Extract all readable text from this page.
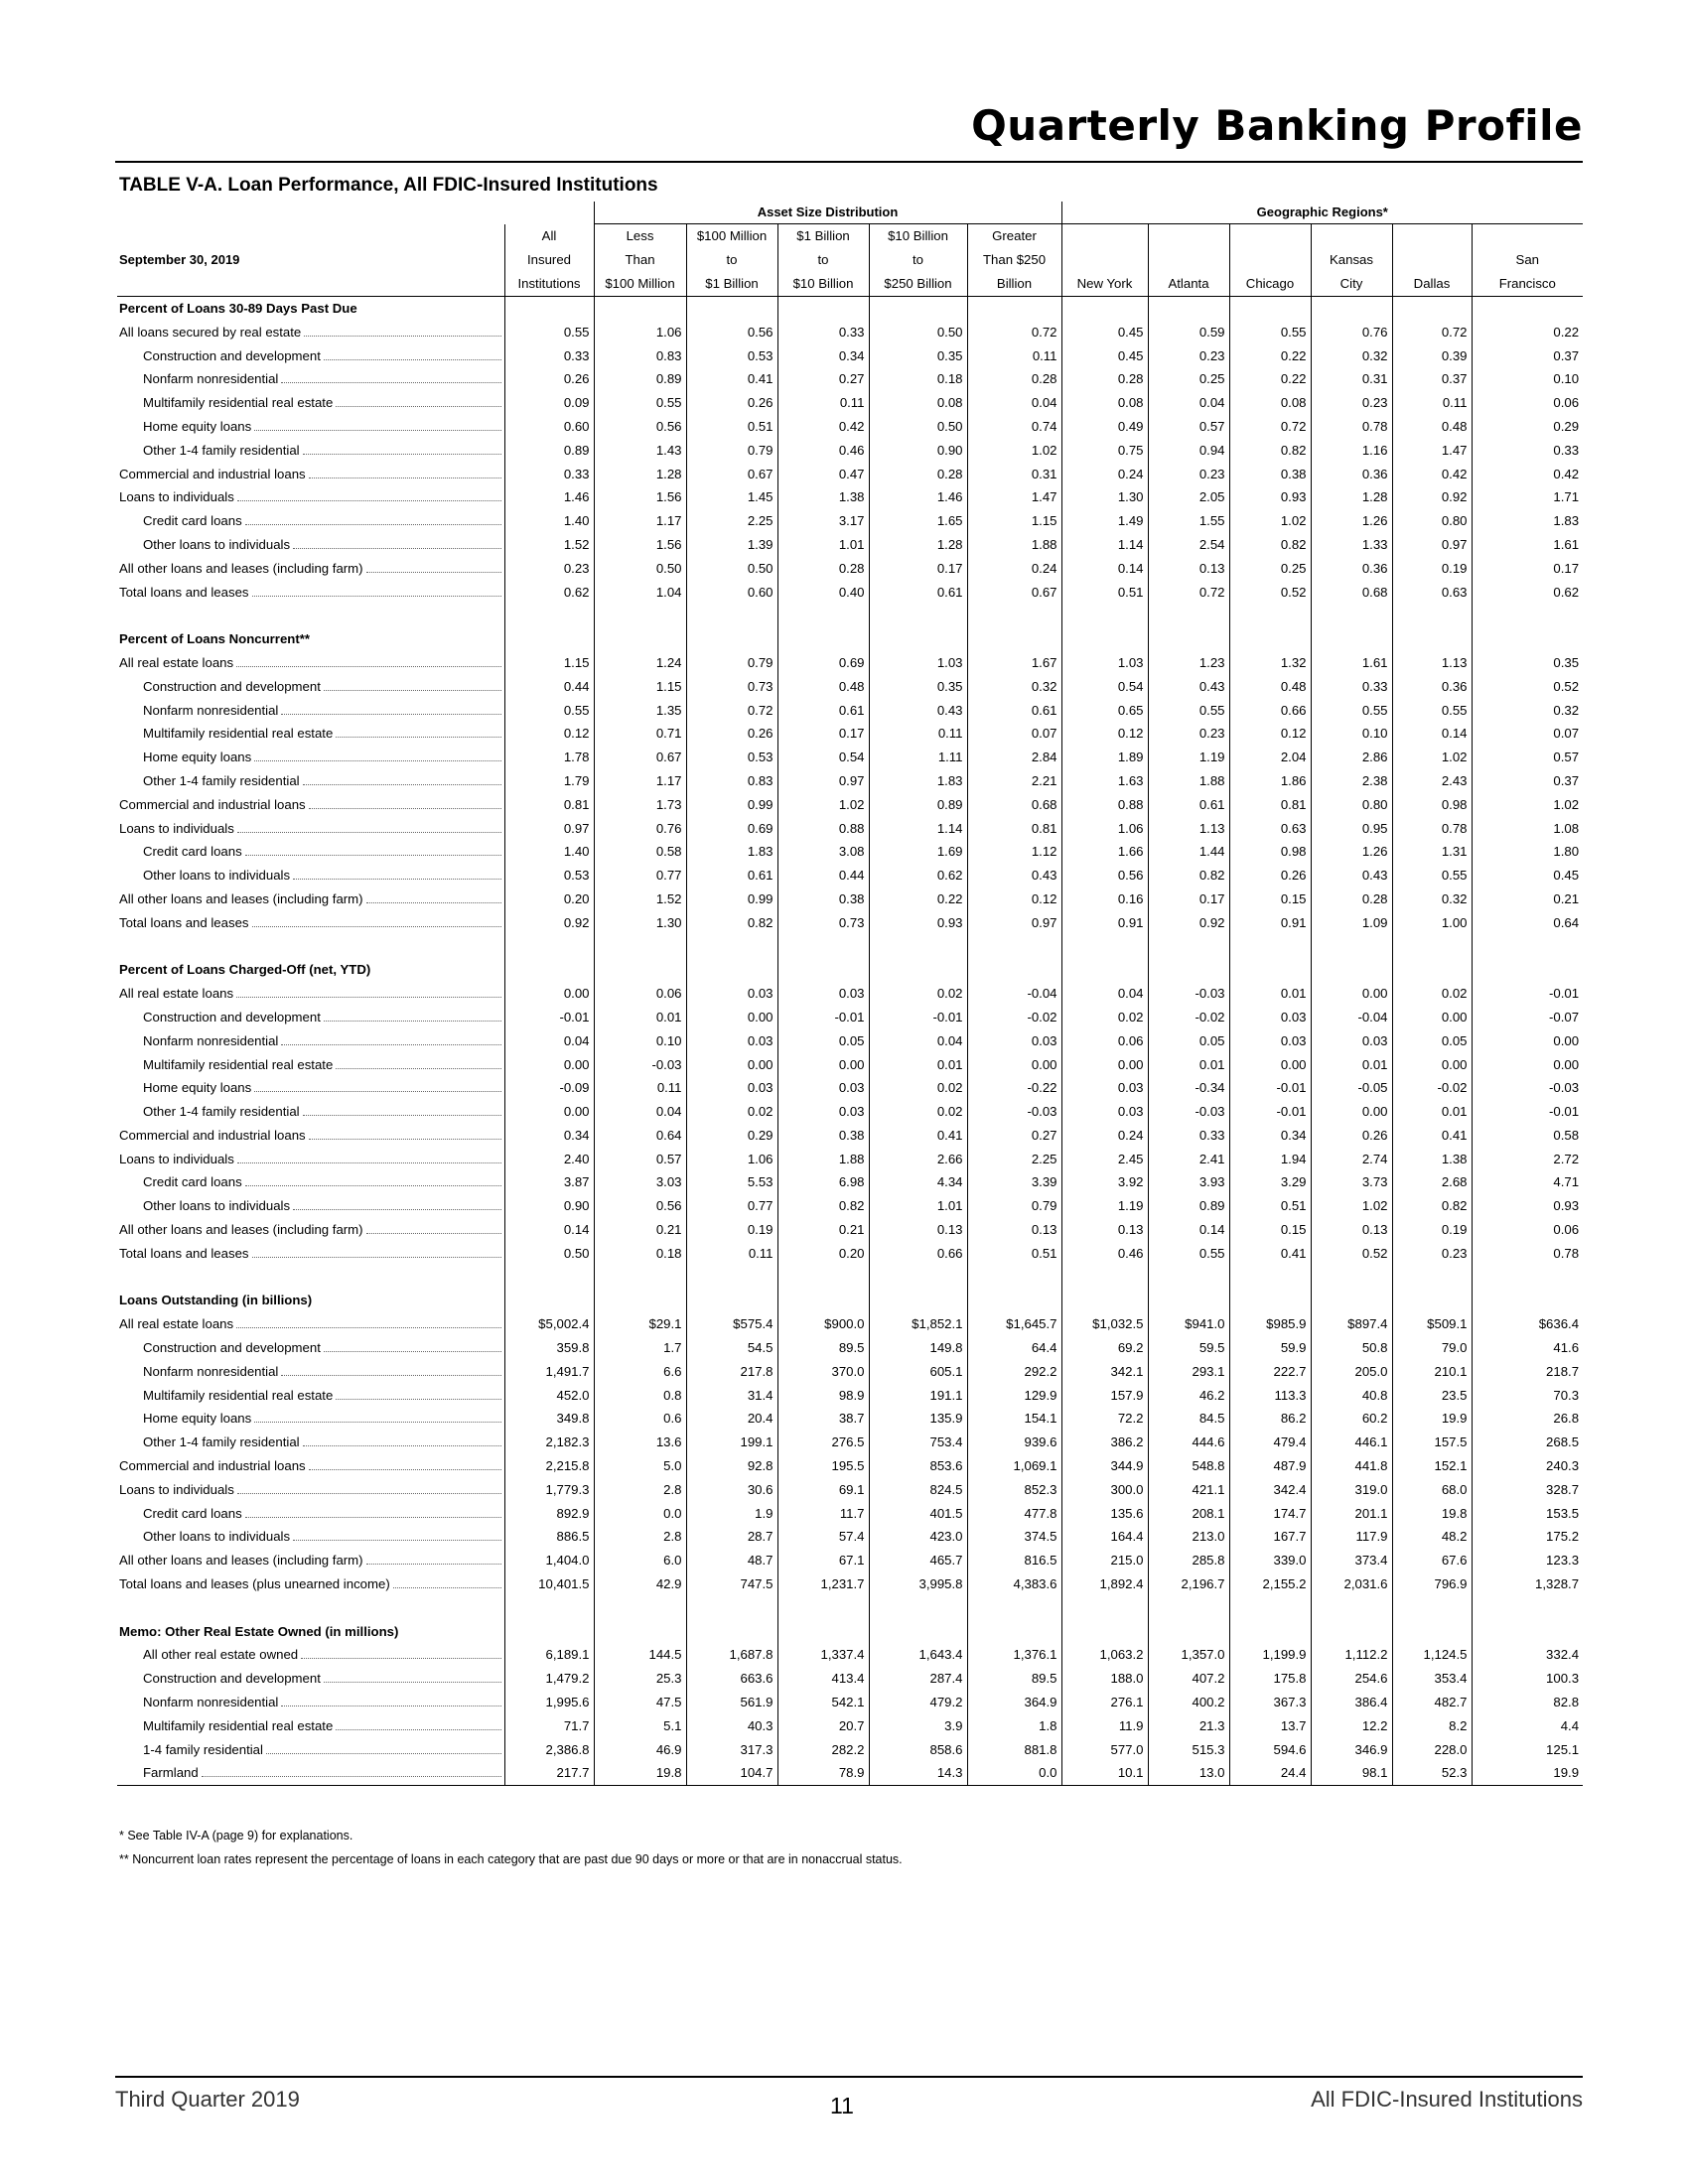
Quarterly Banking Profile
TABLE V-A. Loan Performance, All FDIC-Insured Institutions
		Asset Size Distribution					Geographic Regions*					
September 30, 2019	All	Less	$100 Million	$1 Billion	$10 Billion	Greater						
	Insured	Than	to	to	to	Than $250				Kansas		San
	Institutions	$100 Million	$1 Billion	$10 Billion	$250 Billion	Billion	New York	Atlanta	Chicago	City	Dallas	Francisco
Percent of Loans 30-89 Days Past Due												

All loans secured by real estate	0.55	1.06	0.56	0.33	0.50	0.72	0.45	0.59	0.55	0.76	0.72	0.22

Construction and development	0.33	0.83	0.53	0.34	0.35	0.11	0.45	0.23	0.22	0.32	0.39	0.37

Nonfarm nonresidential	0.26	0.89	0.41	0.27	0.18	0.28	0.28	0.25	0.22	0.31	0.37	0.10

Multifamily residential real estate	0.09	0.55	0.26	0.11	0.08	0.04	0.08	0.04	0.08	0.23	0.11	0.06

Home equity loans	0.60	0.56	0.51	0.42	0.50	0.74	0.49	0.57	0.72	0.78	0.48	0.29

Other 1-4 family residential	0.89	1.43	0.79	0.46	0.90	1.02	0.75	0.94	0.82	1.16	1.47	0.33

Commercial and industrial loans	0.33	1.28	0.67	0.47	0.28	0.31	0.24	0.23	0.38	0.36	0.42	0.42

Loans to individuals	1.46	1.56	1.45	1.38	1.46	1.47	1.30	2.05	0.93	1.28	0.92	1.71

Credit card loans	1.40	1.17	2.25	3.17	1.65	1.15	1.49	1.55	1.02	1.26	0.80	1.83

Other loans to individuals	1.52	1.56	1.39	1.01	1.28	1.88	1.14	2.54	0.82	1.33	0.97	1.61

All other loans and leases (including farm)	0.23	0.50	0.50	0.28	0.17	0.24	0.14	0.13	0.25	0.36	0.19	0.17

Total loans and leases	0.62	1.04	0.60	0.40	0.61	0.67	0.51	0.72	0.52	0.68	0.63	0.62

Percent of Loans Noncurrent**												

All real estate loans	1.15	1.24	0.79	0.69	1.03	1.67	1.03	1.23	1.32	1.61	1.13	0.35

Construction and development	0.44	1.15	0.73	0.48	0.35	0.32	0.54	0.43	0.48	0.33	0.36	0.52

Nonfarm nonresidential	0.55	1.35	0.72	0.61	0.43	0.61	0.65	0.55	0.66	0.55	0.55	0.32

Multifamily residential real estate	0.12	0.71	0.26	0.17	0.11	0.07	0.12	0.23	0.12	0.10	0.14	0.07

Home equity loans	1.78	0.67	0.53	0.54	1.11	2.84	1.89	1.19	2.04	2.86	1.02	0.57

Other 1-4 family residential	1.79	1.17	0.83	0.97	1.83	2.21	1.63	1.88	1.86	2.38	2.43	0.37

Commercial and industrial loans	0.81	1.73	0.99	1.02	0.89	0.68	0.88	0.61	0.81	0.80	0.98	1.02

Loans to individuals	0.97	0.76	0.69	0.88	1.14	0.81	1.06	1.13	0.63	0.95	0.78	1.08

Credit card loans	1.40	0.58	1.83	3.08	1.69	1.12	1.66	1.44	0.98	1.26	1.31	1.80

Other loans to individuals	0.53	0.77	0.61	0.44	0.62	0.43	0.56	0.82	0.26	0.43	0.55	0.45

All other loans and leases (including farm)	0.20	1.52	0.99	0.38	0.22	0.12	0.16	0.17	0.15	0.28	0.32	0.21

Total loans and leases	0.92	1.30	0.82	0.73	0.93	0.97	0.91	0.92	0.91	1.09	1.00	0.64

Percent of Loans Charged-Off (net, YTD)												

All real estate loans	0.00	0.06	0.03	0.03	0.02	-0.04	0.04	-0.03	0.01	0.00	0.02	-0.01

Construction and development	-0.01	0.01	0.00	-0.01	-0.01	-0.02	0.02	-0.02	0.03	-0.04	0.00	-0.07

Nonfarm nonresidential	0.04	0.10	0.03	0.05	0.04	0.03	0.06	0.05	0.03	0.03	0.05	0.00

Multifamily residential real estate	0.00	-0.03	0.00	0.00	0.01	0.00	0.00	0.01	0.00	0.01	0.00	0.00

Home equity loans	-0.09	0.11	0.03	0.03	0.02	-0.22	0.03	-0.34	-0.01	-0.05	-0.02	-0.03

Other 1-4 family residential	0.00	0.04	0.02	0.03	0.02	-0.03	0.03	-0.03	-0.01	0.00	0.01	-0.01

Commercial and industrial loans	0.34	0.64	0.29	0.38	0.41	0.27	0.24	0.33	0.34	0.26	0.41	0.58

Loans to individuals	2.40	0.57	1.06	1.88	2.66	2.25	2.45	2.41	1.94	2.74	1.38	2.72

Credit card loans	3.87	3.03	5.53	6.98	4.34	3.39	3.92	3.93	3.29	3.73	2.68	4.71

Other loans to individuals	0.90	0.56	0.77	0.82	1.01	0.79	1.19	0.89	0.51	1.02	0.82	0.93

All other loans and leases (including farm)	0.14	0.21	0.19	0.21	0.13	0.13	0.13	0.14	0.15	0.13	0.19	0.06

Total loans and leases	0.50	0.18	0.11	0.20	0.66	0.51	0.46	0.55	0.41	0.52	0.23	0.78

Loans Outstanding (in billions)												

All real estate loans	$5,002.4	$29.1	$575.4	$900.0	$1,852.1	$1,645.7	$1,032.5	$941.0	$985.9	$897.4	$509.1	$636.4

Construction and development	359.8	1.7	54.5	89.5	149.8	64.4	69.2	59.5	59.9	50.8	79.0	41.6

Nonfarm nonresidential	1,491.7	6.6	217.8	370.0	605.1	292.2	342.1	293.1	222.7	205.0	210.1	218.7

Multifamily residential real estate	452.0	0.8	31.4	98.9	191.1	129.9	157.9	46.2	113.3	40.8	23.5	70.3

Home equity loans	349.8	0.6	20.4	38.7	135.9	154.1	72.2	84.5	86.2	60.2	19.9	26.8

Other 1-4 family residential	2,182.3	13.6	199.1	276.5	753.4	939.6	386.2	444.6	479.4	446.1	157.5	268.5

Commercial and industrial loans	2,215.8	5.0	92.8	195.5	853.6	1,069.1	344.9	548.8	487.9	441.8	152.1	240.3

Loans to individuals	1,779.3	2.8	30.6	69.1	824.5	852.3	300.0	421.1	342.4	319.0	68.0	328.7

Credit card loans	892.9	0.0	1.9	11.7	401.5	477.8	135.6	208.1	174.7	201.1	19.8	153.5

Other loans to individuals	886.5	2.8	28.7	57.4	423.0	374.5	164.4	213.0	167.7	117.9	48.2	175.2

All other loans and leases (including farm)	1,404.0	6.0	48.7	67.1	465.7	816.5	215.0	285.8	339.0	373.4	67.6	123.3

Total loans and leases (plus unearned income)	10,401.5	42.9	747.5	1,231.7	3,995.8	4,383.6	1,892.4	2,196.7	2,155.2	2,031.6	796.9	1,328.7

Memo: Other Real Estate Owned (in millions)												

All other real estate owned	6,189.1	144.5	1,687.8	1,337.4	1,643.4	1,376.1	1,063.2	1,357.0	1,199.9	1,112.2	1,124.5	332.4

Construction and development	1,479.2	25.3	663.6	413.4	287.4	89.5	188.0	407.2	175.8	254.6	353.4	100.3

Nonfarm nonresidential	1,995.6	47.5	561.9	542.1	479.2	364.9	276.1	400.2	367.3	386.4	482.7	82.8

Multifamily residential real estate	71.7	5.1	40.3	20.7	3.9	1.8	11.9	21.3	13.7	12.2	8.2	4.4

1-4 family residential	2,386.8	46.9	317.3	282.2	858.6	881.8	577.0	515.3	594.6	346.9	228.0	125.1

Farmland	217.7	19.8	104.7	78.9	14.3	0.0	10.1	13.0	24.4	98.1	52.3	19.9
* See Table IV-A (page 9) for explanations.
** Noncurrent loan rates represent the percentage of loans in each category that are past due 90 days or more or that are in nonaccrual status.
Third Quarter 2019	11	All FDIC-Insured Institutions
